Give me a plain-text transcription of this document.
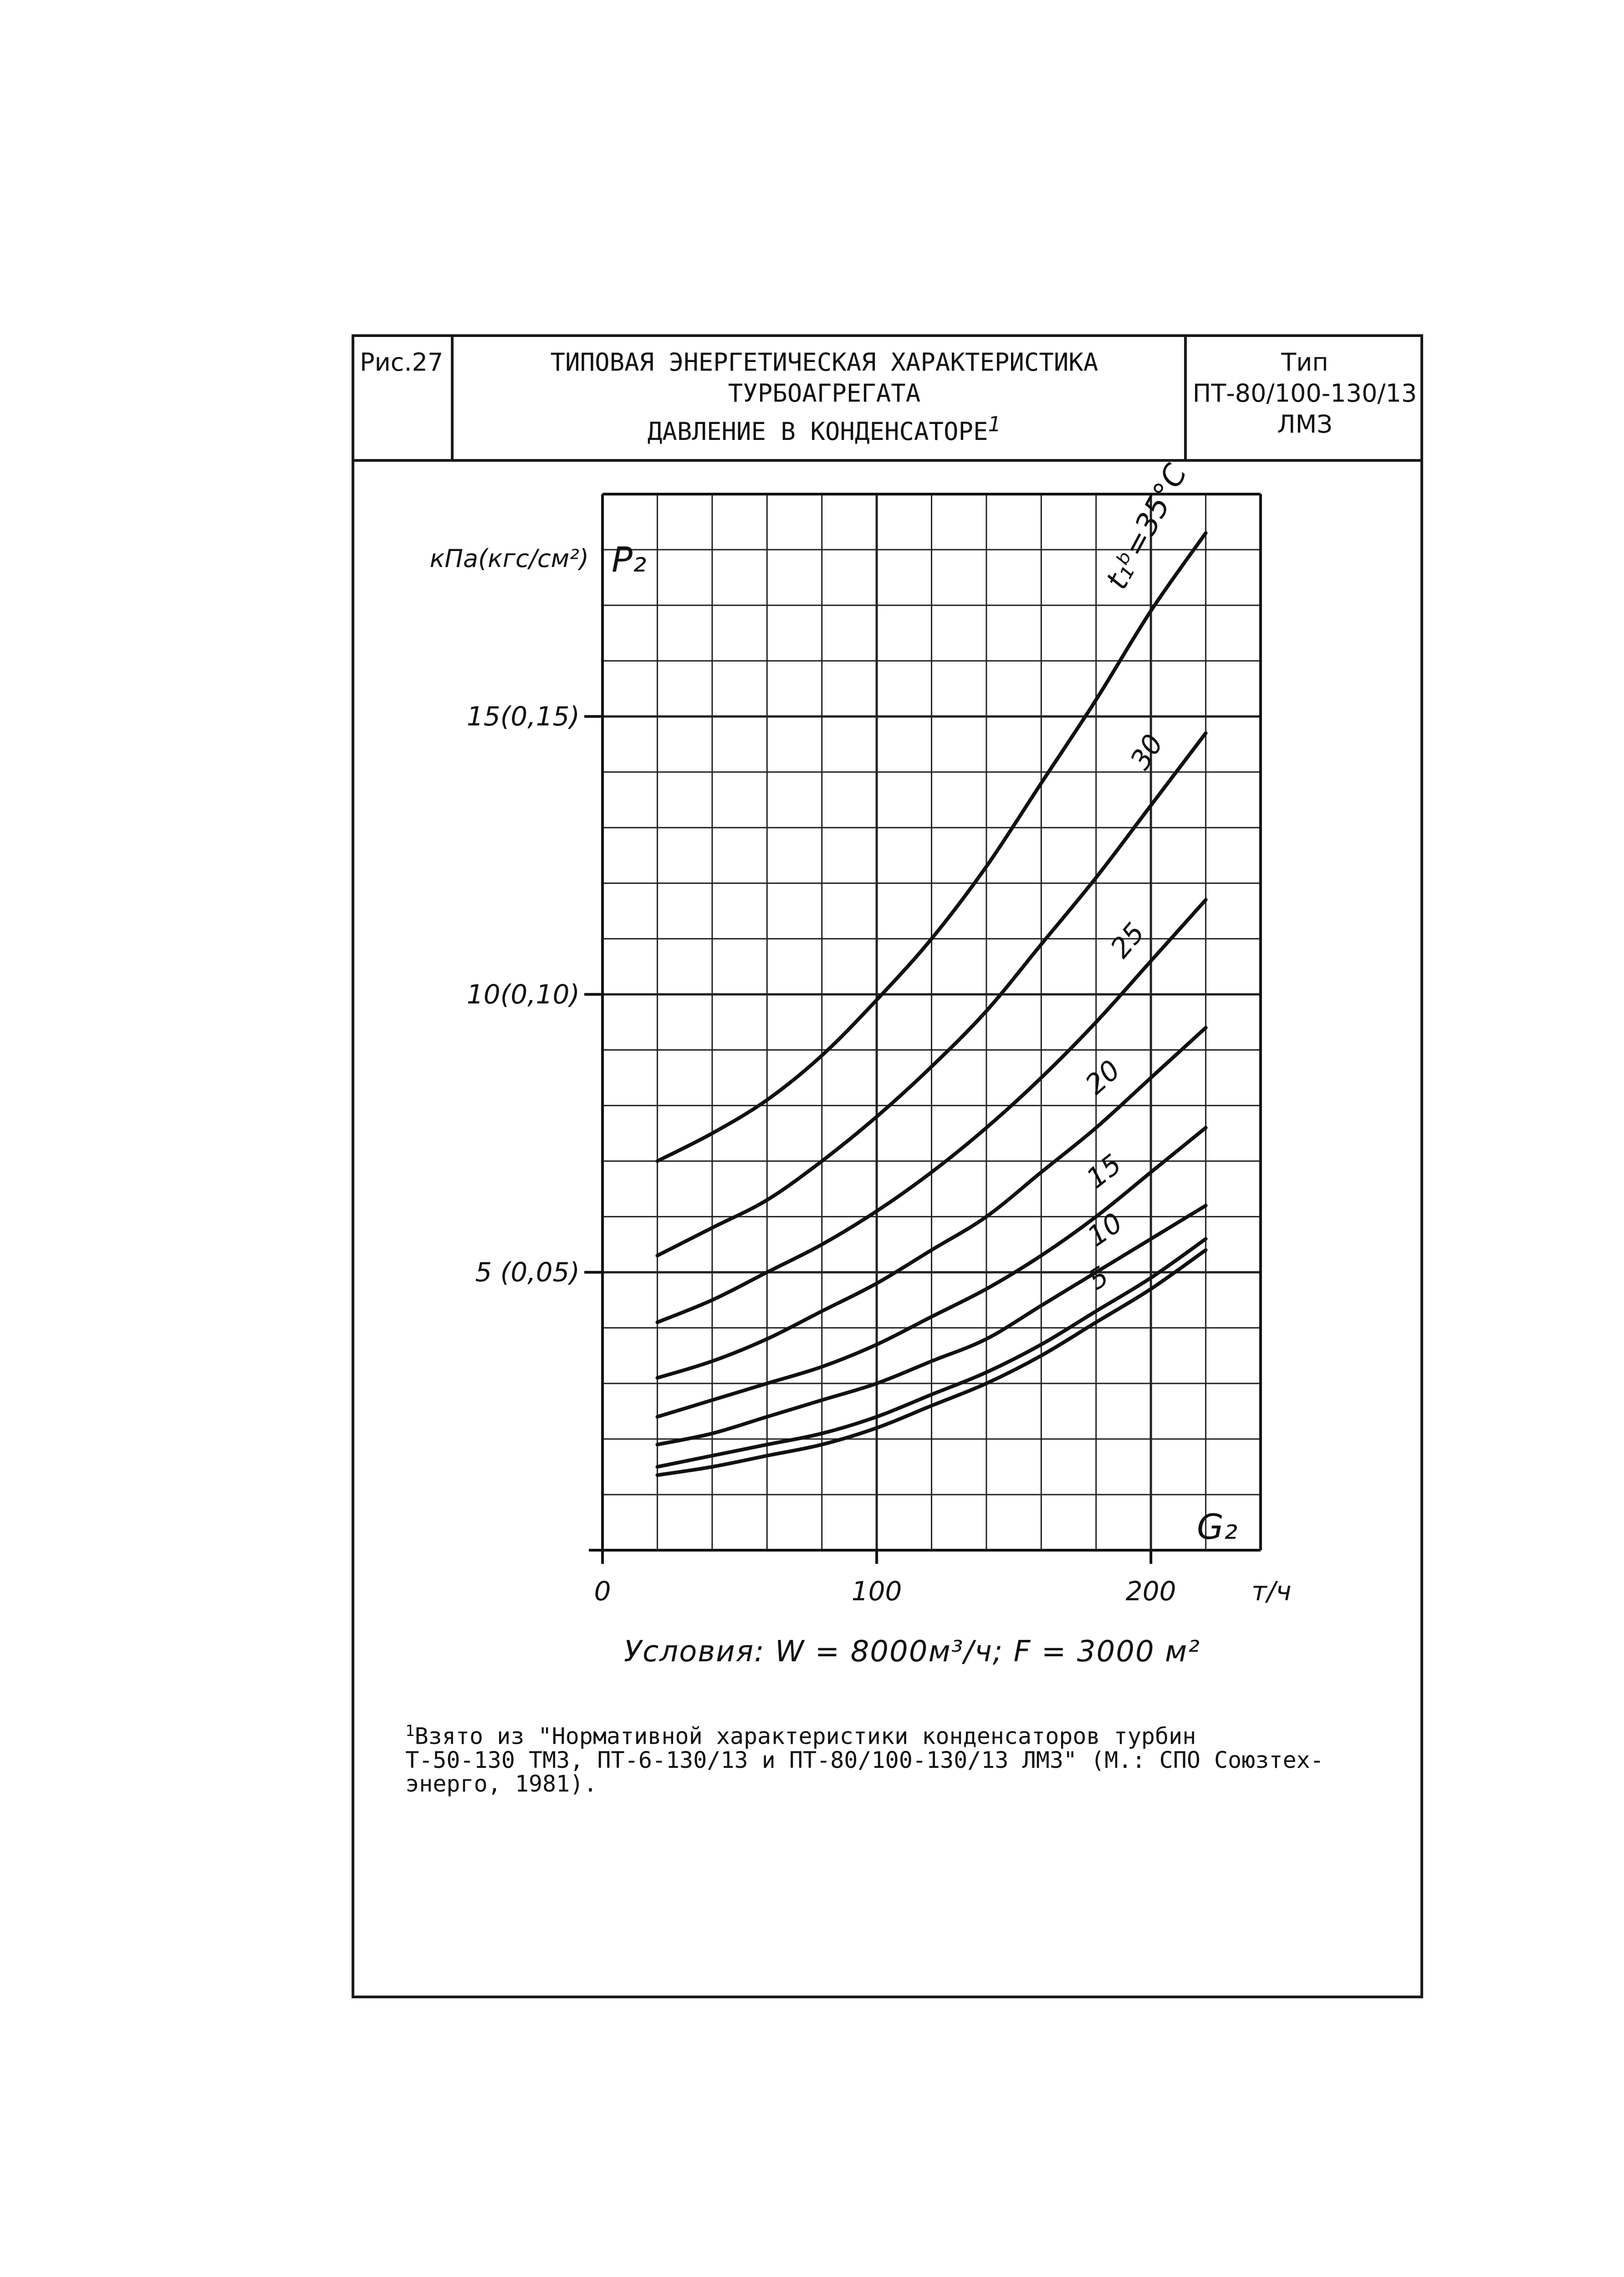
Рис.27	ТИПОВАЯ ЭНЕРГЕТИЧЕСКАЯ ХАРАКТЕРИСТИКА ТУРБОАГРЕГАТА
ДАВЛЕНИЕ В КОНДЕНСАТОРЕ$^1$
Тип
ПТ-80/100-130/13
ЛМЗ
5 (0,05)
10(0,10)
15(0,15)
0	100	200
кПа(кгс/см²) P₂
G₂
т/ч
t₁ᵇ=35°C
30
25
20
15
10
5
Условия: W = 8000м³/ч; F = 3000 м²
$^1$Взято из "Нормативной характеристики конденсаторов турбин
Т-50-130 ТМЗ, ПТ-6-130/13 и ПТ-80/100-130/13 ЛМЗ" (М.: СПО Союзтех-
энерго, 1981).
